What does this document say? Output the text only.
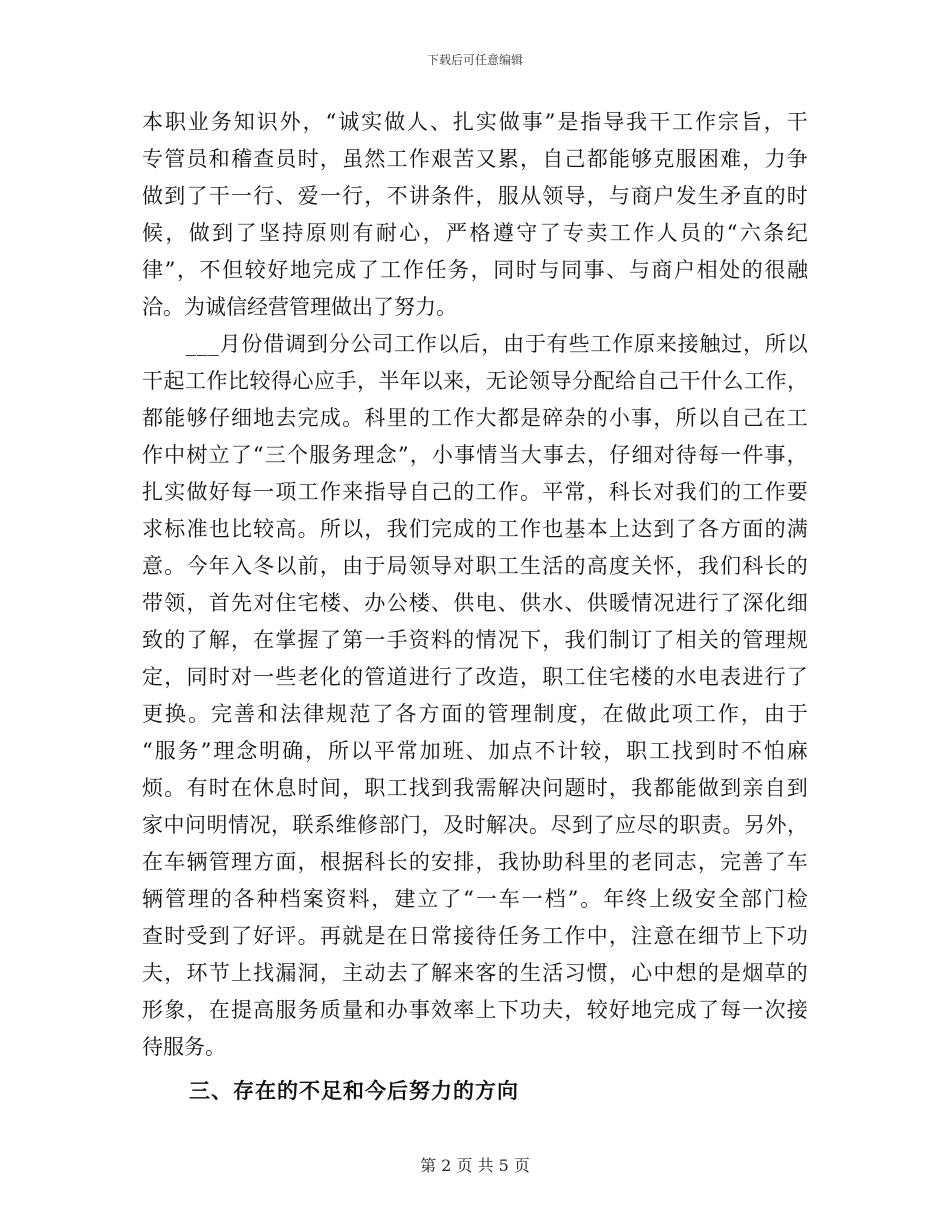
下载后可任意编辑
本 职 业 务 知 识 外 ， “ 诚 实 做 人 、 扎 实 做 事 ” 是 指 导 我 干 工 作 宗 旨 ， 干
专 管 员 和 稽 查 员 时 ， 虽 然 工 作 艰 苦 又 累 ， 自 己 都 能 够 克 服 困 难 ， 力 争
做 到 了 干 一 行 、 爱 一 行 ， 不 讲 条 件 ， 服 从 领 导 ， 与 商 户 发 生 矛 直 的 时
候 ， 做 到 了 坚 持 原 则 有 耐 心 ， 严 格 遵 守 了 专 卖 工 作 人 员 的 “ 六 条 纪
律 ” ， 不 但 较 好 地 完 成 了 工 作 任 务 ， 同 时 与 同 事 、 与 商 户 相 处 的 很 融
洽 。 为 诚 信 经 营 管 理 做 出 了 努 力 。

_ _ _ 月 份 借 调 到 分 公 司 工 作 以 后 ， 由 于 有 些 工 作 原 来 接 触 过 ， 所 以
干 起 工 作 比 较 得 心 应 手 ， 半 年 以 来 ， 无 论 领 导 分 配 给 自 己 干 什 么 工 作 ，
都 能 够 仔 细 地 去 完 成 。 科 里 的 工 作 大 都 是 碎 杂 的 小 事 ， 所 以 自 己 在 工
作 中 树 立 了 “ 三 个 服 务 理 念 ” ， 小 事 情 当 大 事 去 ， 仔 细 对 待 每 一 件 事 ，
扎 实 做 好 每 一 项 工 作 来 指 导 自 己 的 工 作 。 平 常 ， 科 长 对 我 们 的 工 作 要
求 标 准 也 比 较 高 。 所 以 ， 我 们 完 成 的 工 作 也 基 本 上 达 到 了 各 方 面 的 满
意 。 今 年 入 冬 以 前 ， 由 于 局 领 导 对 职 工 生 活 的 高 度 关 怀 ， 我 们 科 长 的
带 领 ， 首 先 对 住 宅 楼 、 办 公 楼 、 供 电 、 供 水 、 供 暖 情 况 进 行 了 深 化 细
致 的 了 解 ， 在 掌 握 了 第 一 手 资 料 的 情 况 下 ， 我 们 制 订 了 相 关 的 管 理 规
定 ， 同 时 对 一 些 老 化 的 管 道 进 行 了 改 造 ， 职 工 住 宅 楼 的 水 电 表 进 行 了
更 换 。 完 善 和 法 律 规 范 了 各 方 面 的 管 理 制 度 ， 在 做 此 项 工 作 ， 由 于
“ 服 务 ” 理 念 明 确 ， 所 以 平 常 加 班 、 加 点 不 计 较 ， 职 工 找 到 时 不 怕 麻
烦 。 有 时 在 休 息 时 间 ， 职 工 找 到 我 需 解 决 问 题 时 ， 我 都 能 做 到 亲 自 到
家 中 问 明 情 况 ， 联 系 维 修 部 门 ， 及 时 解 决 。 尽 到 了 应 尽 的 职 责 。 另 外 ，
在 车 辆 管 理 方 面 ， 根 据 科 长 的 安 排 ， 我 协 助 科 里 的 老 同 志 ， 完 善 了 车
辆 管 理 的 各 种 档 案 资 料 ， 建 立 了 “ 一 车 一 档 ” 。 年 终 上 级 安 全 部 门 检
查 时 受 到 了 好 评 。 再 就 是 在 日 常 接 待 任 务 工 作 中 ， 注 意 在 细 节 上 下 功
夫 ， 环 节 上 找 漏 洞 ， 主 动 去 了 解 来 客 的 生 活 习 惯 ， 心 中 想 的 是 烟 草 的
形 象 ， 在 提 高 服 务 质 量 和 办 事 效 率 上 下 功 夫 ， 较 好 地 完 成 了 每 一 次 接
待 服 务 。
三、存在的不足和今后努力的方向
第 2 页 共 5 页
